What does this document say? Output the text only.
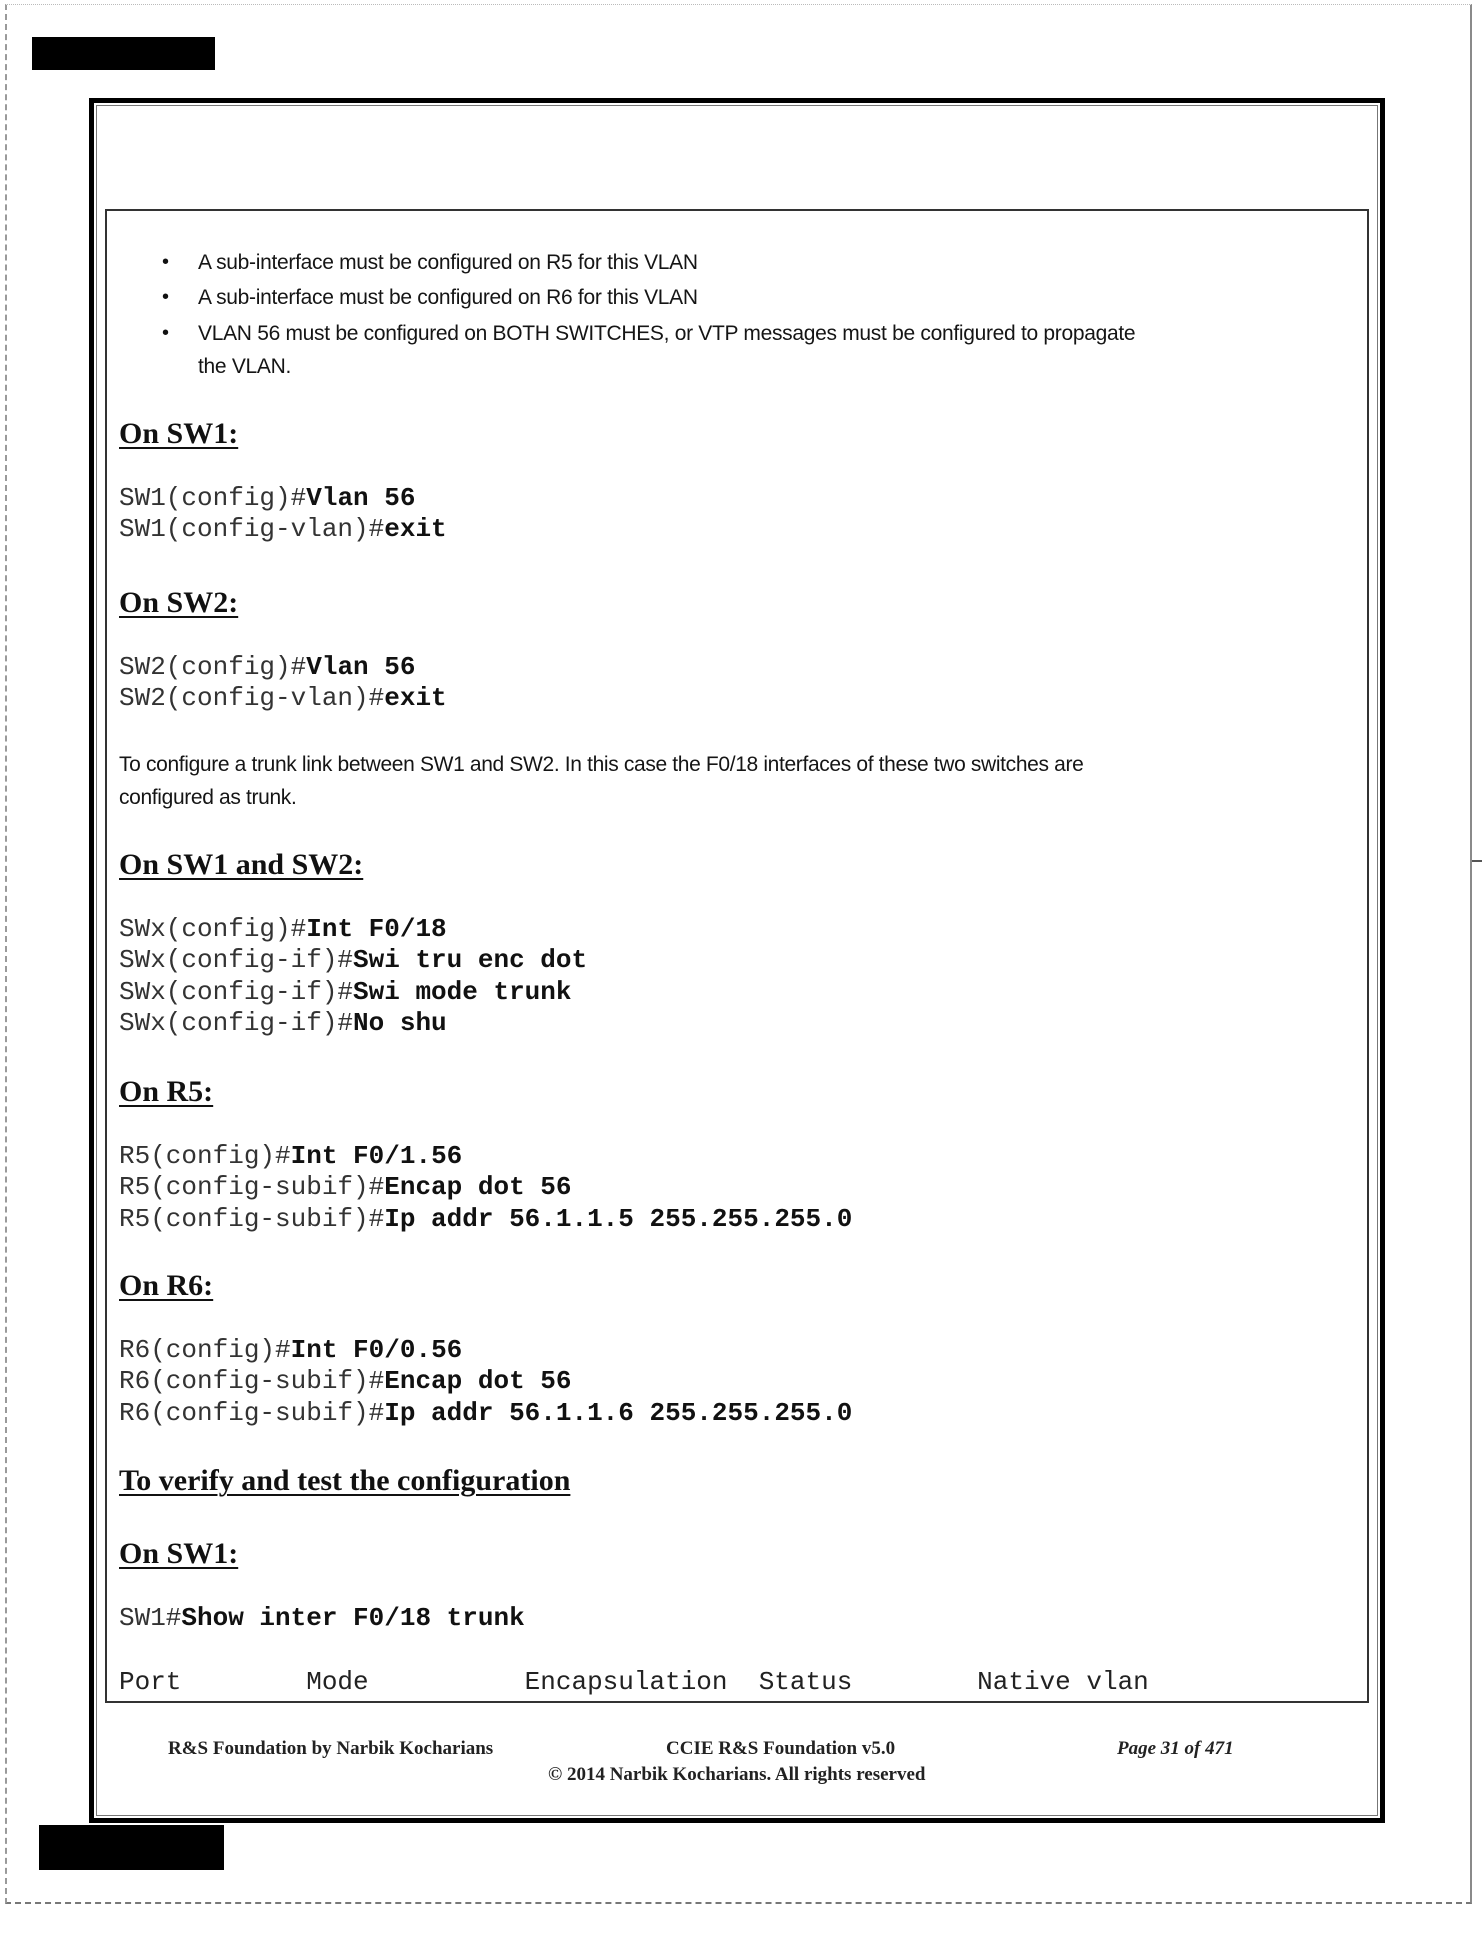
• A sub-interface must be configured on R5 for this VLAN
• A sub-interface must be configured on R6 for this VLAN
• VLAN 56 must be configured on BOTH SWITCHES, or VTP messages must be configured to propagate
the VLAN.
On SW1:
SW1(config)#Vlan 56
SW1(config-vlan)#exit
On SW2:
SW2(config)#Vlan 56
SW2(config-vlan)#exit
To configure a trunk link between SW1 and SW2. In this case the F0/18 interfaces of these two switches are
configured as trunk.
On SW1 and SW2:
SWx(config)#Int F0/18
SWx(config-if)#Swi tru enc dot
SWx(config-if)#Swi mode trunk
SWx(config-if)#No shu
On R5:
R5(config)#Int F0/1.56
R5(config-subif)#Encap dot 56
R5(config-subif)#Ip addr 56.1.1.5 255.255.255.0
On R6:
R6(config)#Int F0/0.56
R6(config-subif)#Encap dot 56
R6(config-subif)#Ip addr 56.1.1.6 255.255.255.0
To verify and test the configuration
On SW1:
SW1#Show inter F0/18 trunk
Port        Mode          Encapsulation  Status        Native vlan
R&S Foundation by Narbik Kocharians	CCIE R&S Foundation v5.0	Page 31 of 471
© 2014 Narbik Kocharians. All rights reserved
